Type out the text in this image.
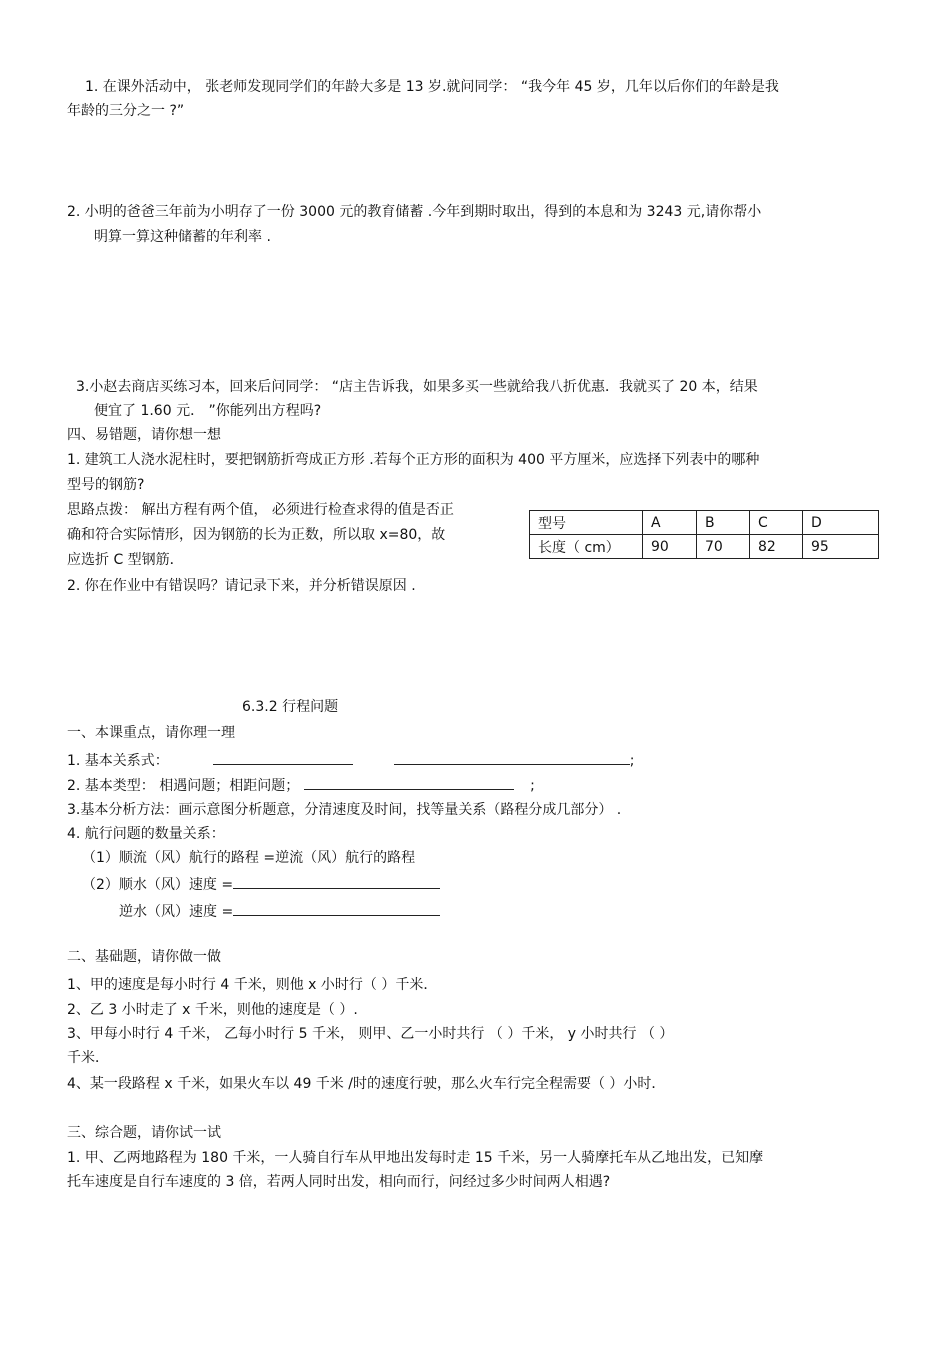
1. 在课外活动中， 张老师发现同学们的年龄大多是 13 岁.就问同学： “我今年 45 岁，几年以后你们的年龄是我
年龄的三分之一 ?”
2. 小明的爸爸三年前为小明存了一份 3000 元的教育储蓄 .今年到期时取出，得到的本息和为 3243 元,请你帮小
明算一算这种储蓄的年利率 .
3.小赵去商店买练习本，回来后问同学： “店主告诉我，如果多买一些就给我八折优惠．我就买了 20 本，结果
便宜了 1.60 元． ”你能列出方程吗?
四、易错题，请你想一想
1. 建筑工人浇水泥柱时，要把钢筋折弯成正方形 .若每个正方形的面积为 400 平方厘米，应选择下列表中的哪种
型号的钢筋?
思路点拨： 解出方程有两个值， 必须进行检查求得的值是否正
确和符合实际情形，因为钢筋的长为正数，所以取 x=80，故
应选折 C 型钢筋．
型号	A	B	C	D
长度（ cm）	90	70	82	95
2. 你在作业中有错误吗？请记录下来，并分析错误原因 .
6.3.2 行程问题
一、本课重点，请你理一理
1. 基本关系式：	;
2. 基本类型： 相遇问题；相距问题；	;
3.基本分析方法：画示意图分析题意，分清速度及时间，找等量关系（路程分成几部分） .
4. 航行问题的数量关系：
（1）顺流（风）航行的路程 =逆流（风）航行的路程
（2）顺水（风）速度 =
逆水（风）速度 =
二、基础题，请你做一做
1、甲的速度是每小时行 4 千米，则他 x 小时行（ ）千米．
2、乙 3 小时走了 x 千米，则他的速度是（ ）.
3、甲每小时行 4 千米， 乙每小时行 5 千米， 则甲、乙一小时共行 （ ）千米， y 小时共行 （ ）
千米．
4、某一段路程 x 千米，如果火车以 49 千米 /时的速度行驶，那么火车行完全程需要（ ）小时．
三、综合题，请你试一试
1. 甲、乙两地路程为 180 千米，一人骑自行车从甲地出发每时走 15 千米，另一人骑摩托车从乙地出发，已知摩
托车速度是自行车速度的 3 倍，若两人同时出发，相向而行，问经过多少时间两人相遇?
